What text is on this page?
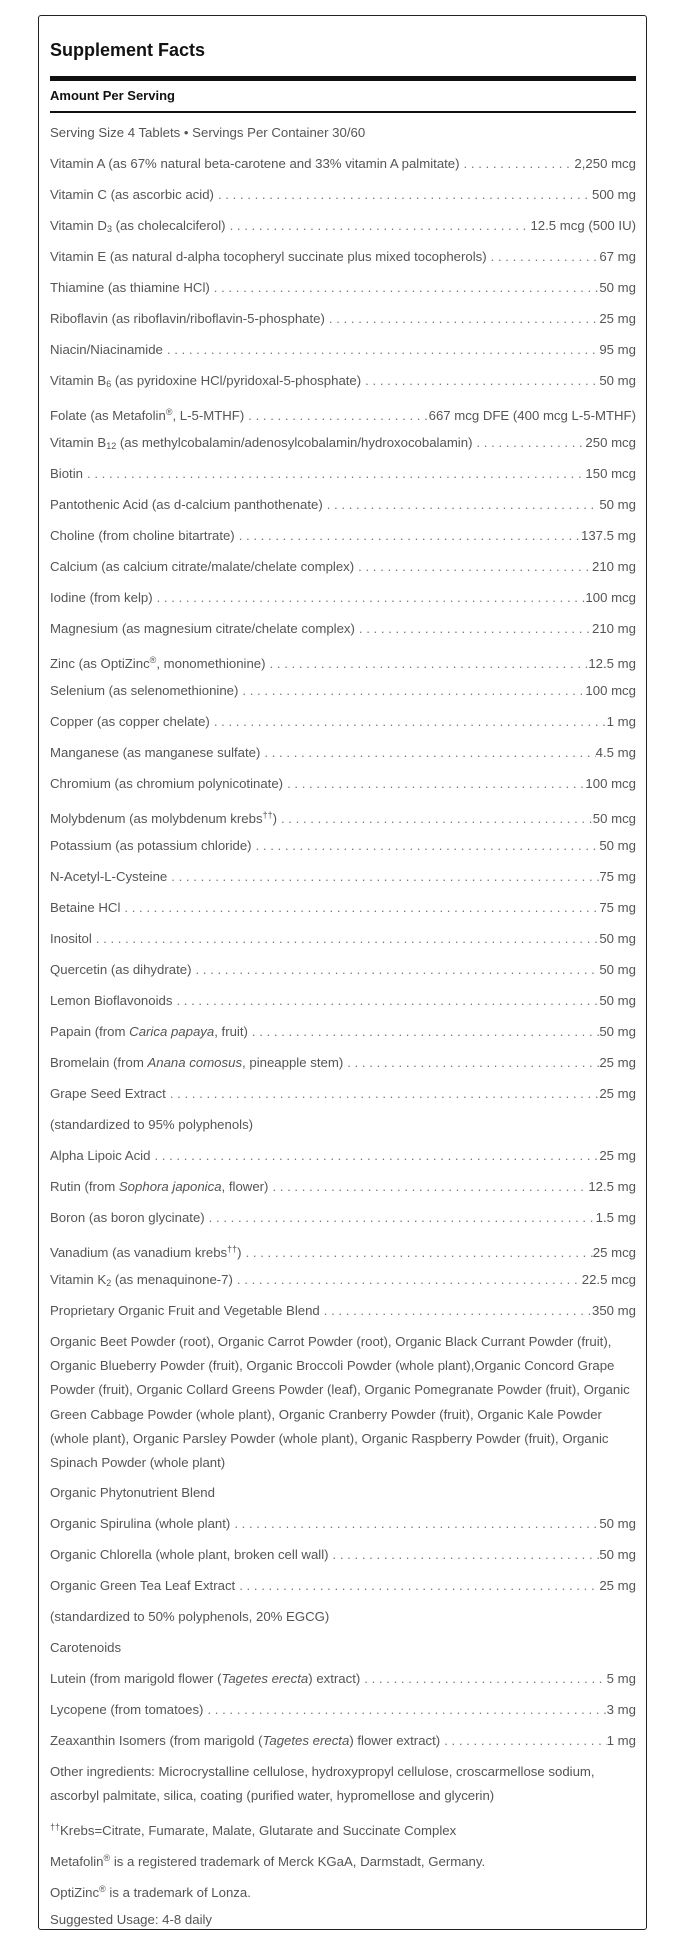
Supplement Facts
Amount Per Serving
Serving Size 4 Tablets • Servings Per Container 30/60
Vitamin A (as 67% natural beta-carotene and 33% vitamin A palmitate) . . .	2,250 mcg
Vitamin C (as ascorbic acid) . . .	500 mg
Vitamin $D_3$ (as cholecalciferol) . . .	12.5 mcg (500 IU)
Vitamin E (as natural d-alpha tocopheryl succinate plus mixed tocopherols) . . .	67 mg
Thiamine (as thiamine HCl) . . .	50 mg
Riboflavin (as riboflavin/riboflavin-5-phosphate) . . .	25 mg
Niacin/Niacinamide . . .	95 mg
Vitamin $B_6$ (as pyridoxine HCl/pyridoxal-5-phosphate) . . .	50 mg
Folate (as Metafolin®, L-5-MTHF) . . .	667 mcg DFE (400 mcg L-5-MTHF)
Vitamin $B_{12}$ (as methylcobalamin/adenosylcobalamin/hydroxocobalamin) . . .	250 mcg
Biotin . . .	150 mcg
Pantothenic Acid (as d-calcium panthothenate) . . .	50 mg
Choline (from choline bitartrate) . . .	137.5 mg
Calcium (as calcium citrate/malate/chelate complex) . . .	210 mg
Iodine (from kelp) . . .	100 mcg
Magnesium (as magnesium citrate/chelate complex) . . .	210 mg
Zinc (as OptiZinc®, monomethionine) . . .	12.5 mg
Selenium (as selenomethionine) . . .	100 mcg
Copper (as copper chelate) . . .	1 mg
Manganese (as manganese sulfate) . . .	4.5 mg
Chromium (as chromium polynicotinate) . . .	100 mcg
Molybdenum (as molybdenum krebs††) . . .	50 mcg
Potassium (as potassium chloride) . . .	50 mg
N-Acetyl-L-Cysteine . . .	75 mg
Betaine HCl . . .	75 mg
Inositol . . .	50 mg
Quercetin (as dihydrate) . . .	50 mg
Lemon Bioflavonoids . . .	50 mg
Papain (from Carica papaya, fruit) . . .	50 mg
Bromelain (from Anana comosus, pineapple stem) . . .	25 mg
Grape Seed Extract . . .	25 mg
(standardized to 95% polyphenols)
Alpha Lipoic Acid . . .	25 mg
Rutin (from Sophora japonica, flower) . . .	12.5 mg
Boron (as boron glycinate) . . .	1.5 mg
Vanadium (as vanadium krebs††) . . .	25 mcg
Vitamin $K_2$ (as menaquinone-7) . . .	22.5 mcg
Proprietary Organic Fruit and Vegetable Blend . . .	350 mg
Organic Beet Powder (root), Organic Carrot Powder (root), Organic Black Currant Powder (fruit), Organic Blueberry Powder (fruit), Organic Broccoli Powder (whole plant),Organic Concord Grape Powder (fruit), Organic Collard Greens Powder (leaf), Organic Pomegranate Powder (fruit), Organic Green Cabbage Powder (whole plant), Organic Cranberry Powder (fruit), Organic Kale Powder (whole plant), Organic Parsley Powder (whole plant), Organic Raspberry Powder (fruit), Organic Spinach Powder (whole plant)
Organic Phytonutrient Blend
Organic Spirulina (whole plant) . . .	50 mg
Organic Chlorella (whole plant, broken cell wall) . . .	50 mg
Organic Green Tea Leaf Extract . . .	25 mg
(standardized to 50% polyphenols, 20% EGCG)
Carotenoids
Lutein (from marigold flower (Tagetes erecta) extract) . . .	5 mg
Lycopene (from tomatoes) . . .	3 mg
Zeaxanthin Isomers (from marigold (Tagetes erecta) flower extract) . . .	1 mg
Other ingredients: Microcrystalline cellulose, hydroxypropyl cellulose, croscarmellose sodium, ascorbyl palmitate, silica, coating (purified water, hypromellose and glycerin)
††Krebs=Citrate, Fumarate, Malate, Glutarate and Succinate Complex
Metafolin® is a registered trademark of Merck KGaA, Darmstadt, Germany.
OptiZinc® is a trademark of Lonza.
Suggested Usage: 4-8 daily
